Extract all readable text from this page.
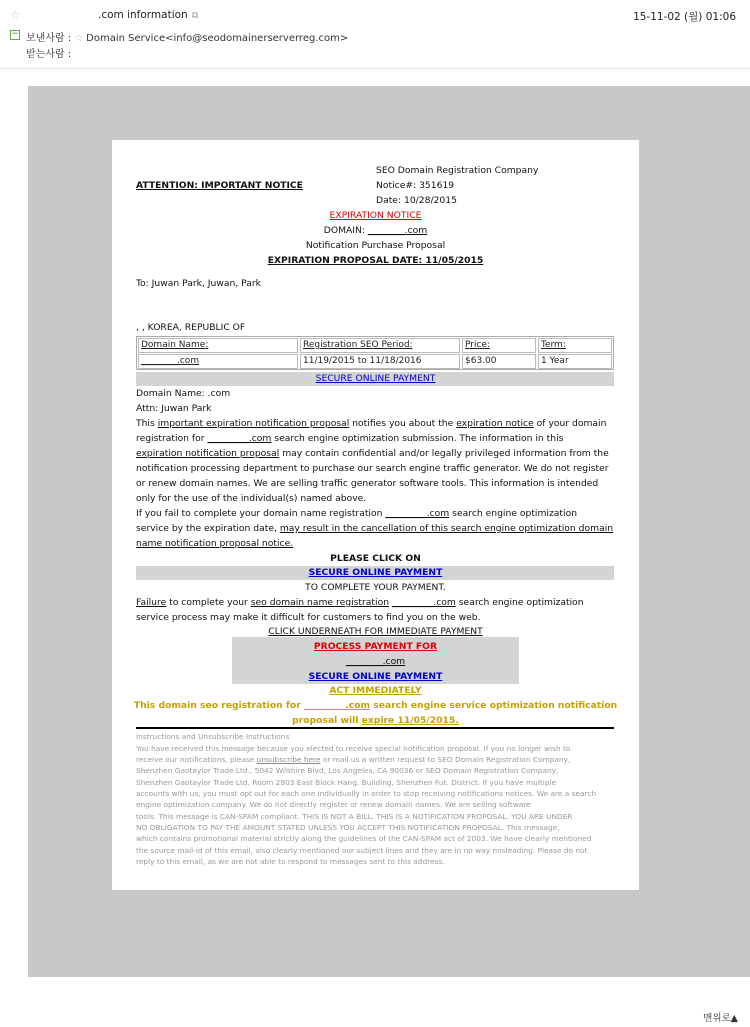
☆	.com information ⧉	15-11-02 (월) 01:06
− 보낸사람 : ☆ Domain Service<info@seodomainerserverreg.com>
받는사람 :
SEO Domain Registration Company
ATTENTION: IMPORTANT NOTICE	Notice#: 351619
Date: 10/28/2015
EXPIRATION NOTICE
DOMAIN: ________.com
Notification Purchase Proposal
EXPIRATION PROPOSAL DATE: 11/05/2015
To: Juwan Park, Juwan, Park
, , KOREA, REPUBLIC OF
Domain Name:	Registration SEO Period:	Price:	Term:
________.com	11/19/2015 to 11/18/2016	$63.00	1 Year
SECURE ONLINE PAYMENT
Domain Name: .com
Attn: Juwan Park
This important expiration notification proposal notifies you about the expiration notice of your domain
registration for _________.com search engine optimization submission. The information in this
expiration notification proposal may contain confidential and/or legally privileged information from the
notification processing department to purchase our search engine traffic generator. We do not register
or renew domain names. We are selling traffic generator software tools. This information is intended
only for the use of the individual(s) named above.
If you fail to complete your domain name registration _________.com search engine optimization
service by the expiration date, may result in the cancellation of this search engine optimization domain
name notification proposal notice.
PLEASE CLICK ON
SECURE ONLINE PAYMENT
TO COMPLETE YOUR PAYMENT.
Failure to complete your seo domain name registration _________.com search engine optimization
service process may make it difficult for customers to find you on the web.
CLICK UNDERNEATH FOR IMMEDIATE PAYMENT
PROCESS PAYMENT FOR
________.com
SECURE ONLINE PAYMENT
ACT IMMEDIATELY
This domain seo registration for _________.com search engine service optimization notification
proposal will expire 11/05/2015.
Instructions and Unsubscribe Instructions
You have received this message because you elected to receive special notification proposal. If you no longer wish to
receive our notifications, please unsubscribe here or mail us a written request to SEO Domain Registration Company,
Shenzhen Gaotaylor Trade Ltd., 5042 Wilshire Blvd, Los Angeles, CA 90036 or SEO Domain Registration Company,
Shenzhen Gaotaylor Trade Ltd, Room 2903 East Block Hang. Building, Shenzhen Fut. District. If you have multiple
accounts with us, you must opt out for each one individually in order to stop receiving notifications notices. We are a search
engine optimization company. We do not directly register or renew domain names. We are selling software
tools. This message is CAN-SPAM compliant. THIS IS NOT A BILL. THIS IS A NOTIFICATION PROPOSAL. YOU ARE UNDER
NO OBLIGATION TO PAY THE AMOUNT STATED UNLESS YOU ACCEPT THIS NOTIFICATION PROPOSAL. This message,
which contains promotional material strictly along the guidelines of the CAN-SPAM act of 2003. We have clearly mentioned
the source mail-id of this email, also clearly mentioned our subject lines and they are in no way misleading. Please do not
reply to this email, as we are not able to respond to messages sent to this address.
맨위로▲
